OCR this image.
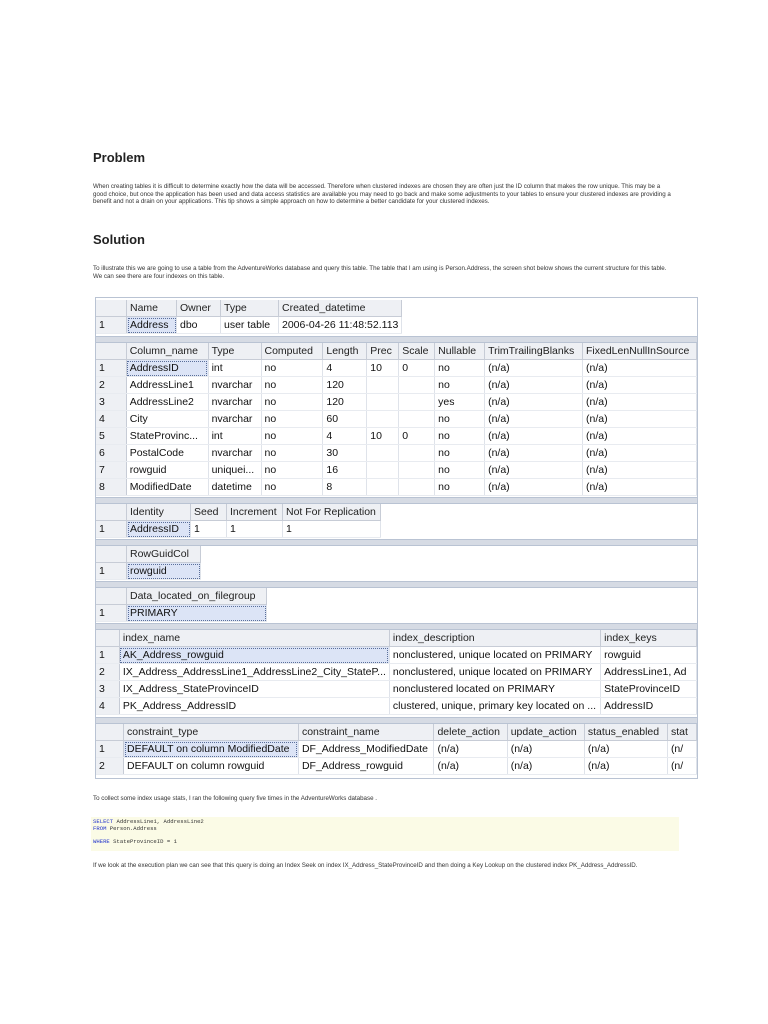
Problem

When creating tables it is difficult to determine exactly how the data will be accessed. Therefore when clustered indexes are chosen they are often just the ID column that makes the row unique. This may be a good choice, but once the application has been used and data access statistics are available you may need to go back and make some adjustments to your tables to ensure your clustered indexes are providing a benefit and not a drain on your applications. This tip shows a simple approach on how to determine a better candidate for your clustered indexes.

Solution

To illustrate this we are going to use a table from the AdventureWorks database and query this table. The table that I am using is Person.Address, the screen shot below shows the current structure for this table. We can see there are four indexes on this table.

	Name	Owner	Type	Created_datetime
1	Address	dbo	user table	2006-04-26 11:48:52.113
	Column_name	Type	Computed	Length	Prec	Scale	Nullable	TrimTrailingBlanks	FixedLenNullInSource
1	AddressID	int	no	4	10	0	no	(n/a)	(n/a)
2	AddressLine1	nvarchar	no	120			no	(n/a)	(n/a)
3	AddressLine2	nvarchar	no	120			yes	(n/a)	(n/a)
4	City	nvarchar	no	60			no	(n/a)	(n/a)
5	StateProvinc...	int	no	4	10	0	no	(n/a)	(n/a)
6	PostalCode	nvarchar	no	30			no	(n/a)	(n/a)
7	rowguid	uniquei...	no	16			no	(n/a)	(n/a)
8	ModifiedDate	datetime	no	8			no	(n/a)	(n/a)
	Identity	Seed	Increment	Not For Replication
1	AddressID	1	1	1
	RowGuidCol
1	rowguid
	Data_located_on_filegroup
1	PRIMARY
	index_name	index_description	index_keys
1	AK_Address_rowguid	nonclustered, unique located on PRIMARY	rowguid
2	IX_Address_AddressLine1_AddressLine2_City_StateP...	nonclustered, unique located on PRIMARY	AddressLine1, Ad
3	IX_Address_StateProvinceID	nonclustered located on PRIMARY	StateProvinceID
4	PK_Address_AddressID	clustered, unique, primary key located on ...	AddressID
	constraint_type	constraint_name	delete_action	update_action	status_enabled	stat
1	DEFAULT on column ModifiedDate	DF_Address_ModifiedDate	(n/a)	(n/a)	(n/a)	(n/
2	DEFAULT on column rowguid	DF_Address_rowguid	(n/a)	(n/a)	(n/a)	(n/

To collect some index usage stats, I ran the following query five times in the AdventureWorks database .

SELECT AddressLine1, AddressLine2
FROM Person.Address
WHERE StateProvinceID = 1

If we look at the execution plan we can see that this query is doing an Index Seek on index IX_Address_StateProvinceID and then doing a Key Lookup on the clustered index PK_Address_AddressID.
